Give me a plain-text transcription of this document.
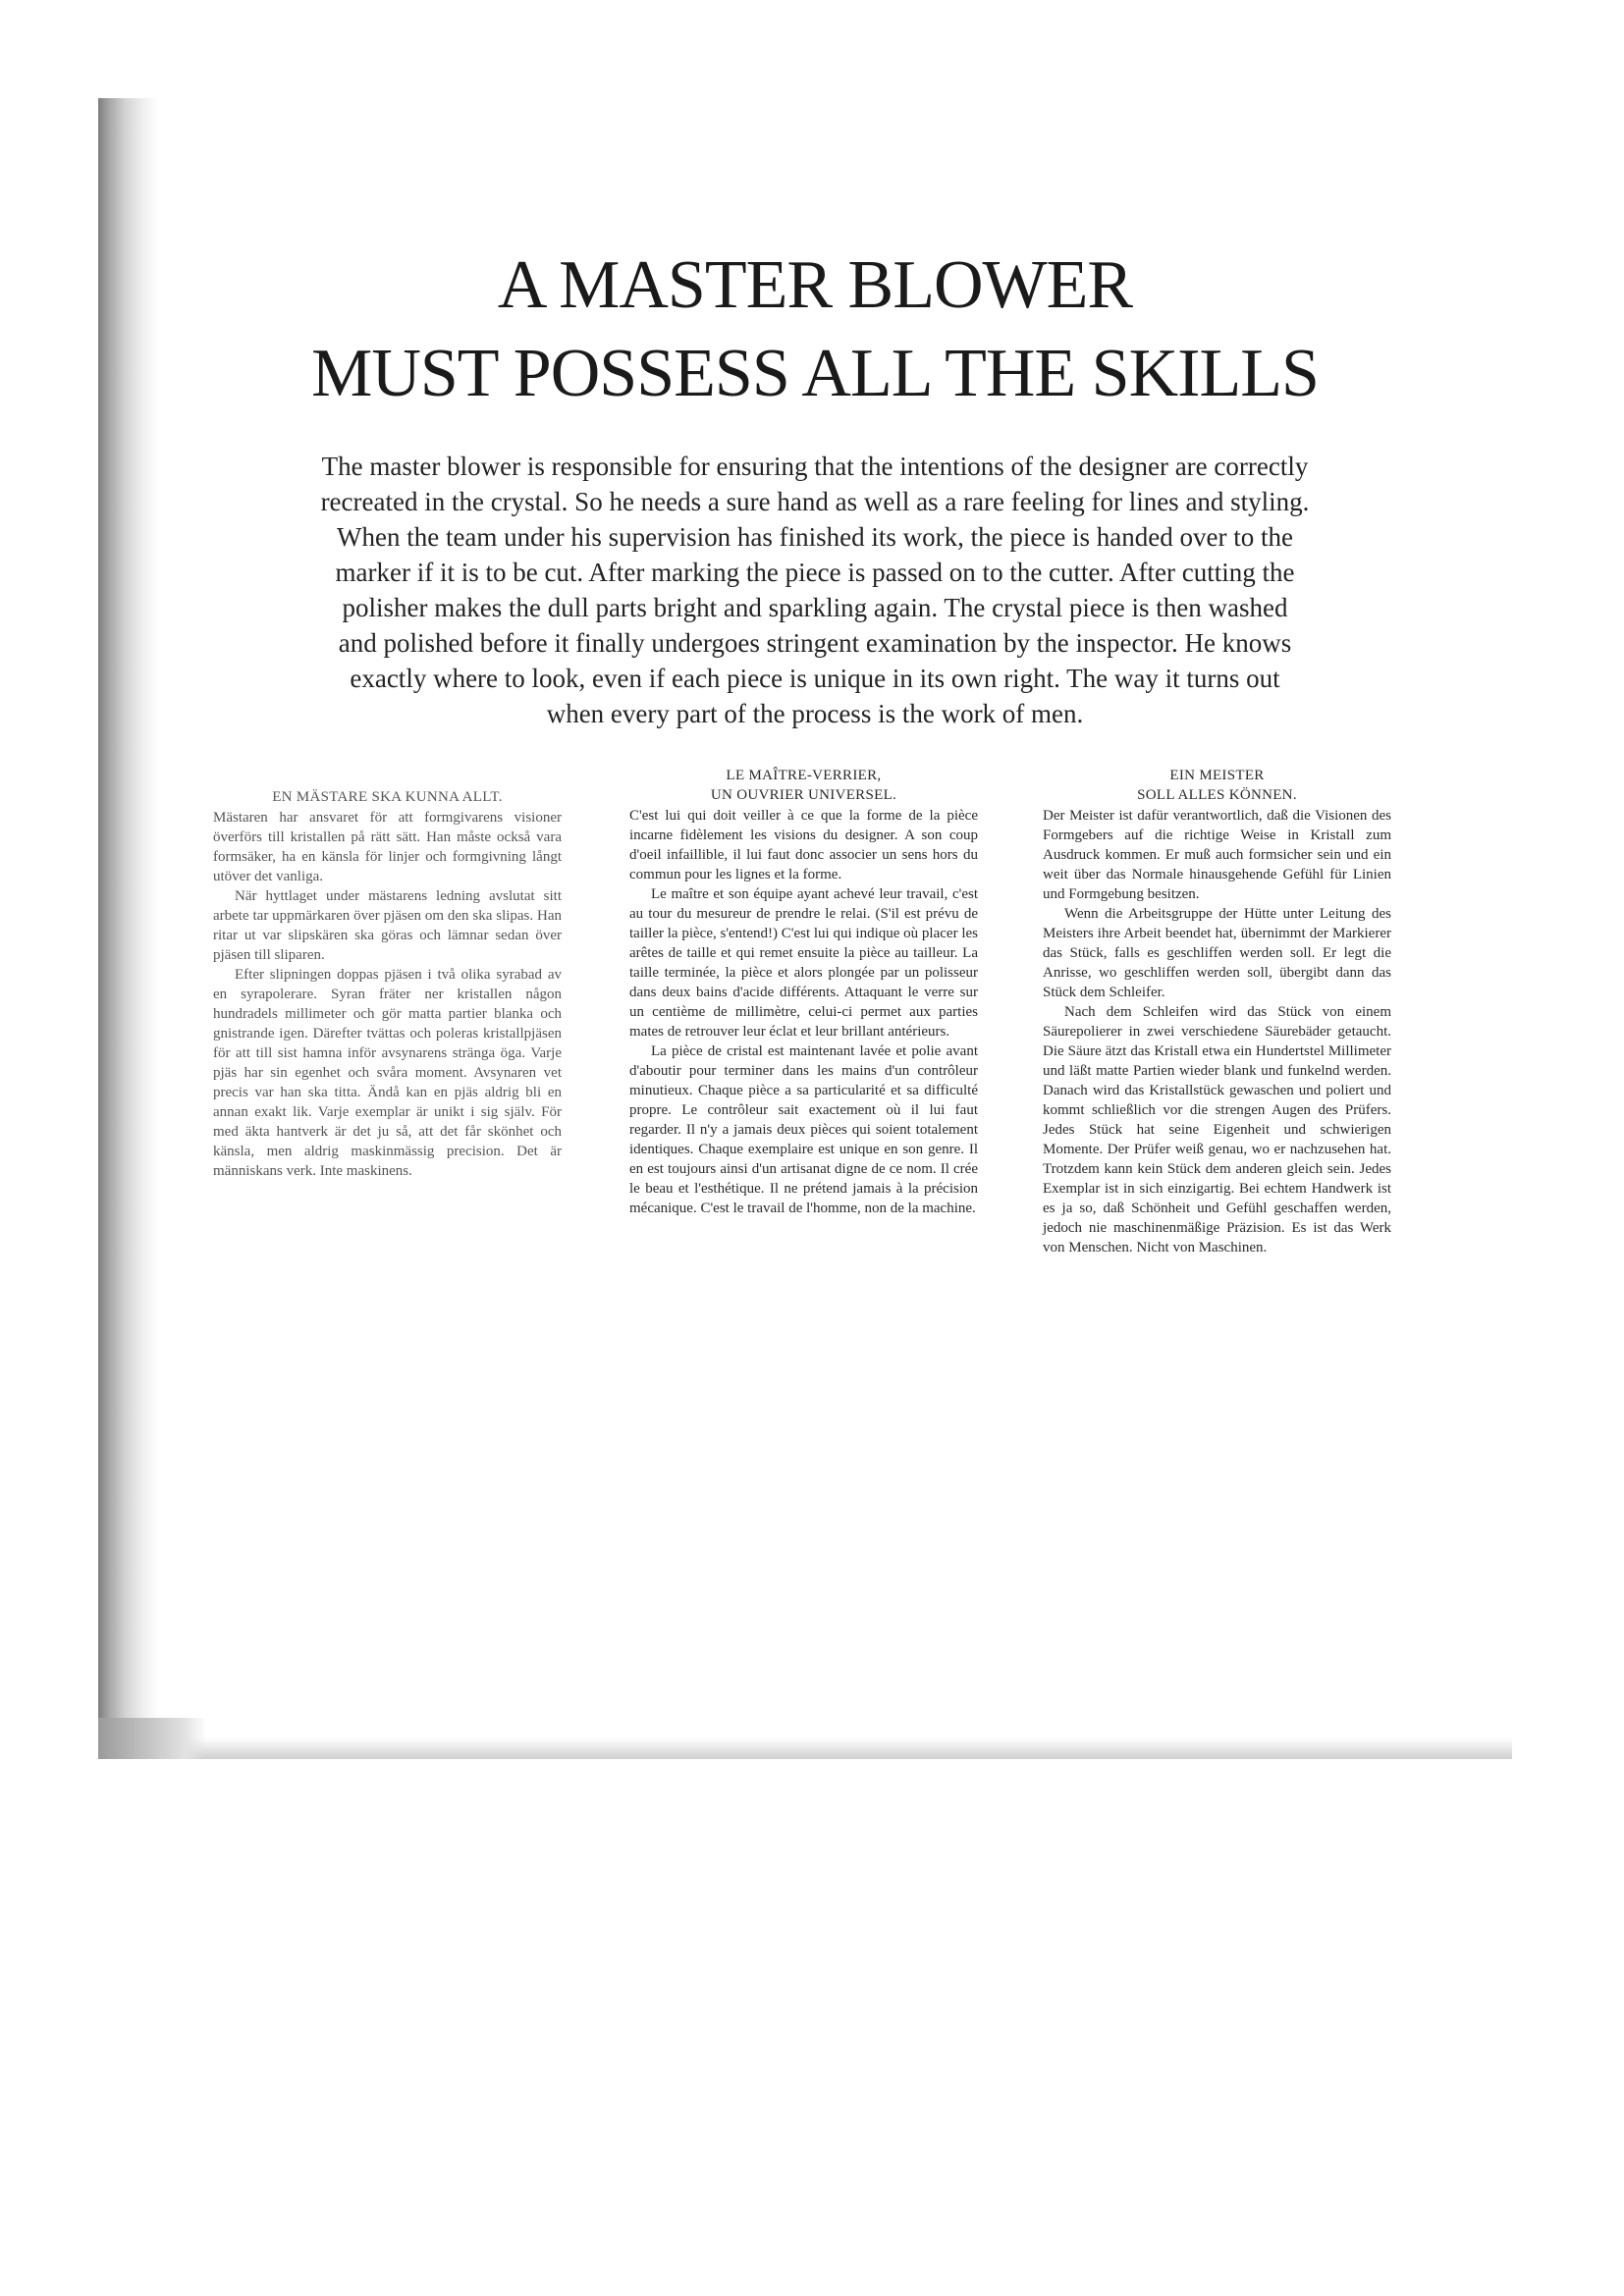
A MASTER BLOWER
MUST POSSESS ALL THE SKILLS
The master blower is responsible for ensuring that the intentions of the designer are correctly
recreated in the crystal. So he needs a sure hand as well as a rare feeling for lines and styling.
When the team under his supervision has finished its work, the piece is handed over to the
marker if it is to be cut. After marking the piece is passed on to the cutter. After cutting the
polisher makes the dull parts bright and sparkling again. The crystal piece is then washed
and polished before it finally undergoes stringent examination by the inspector. He knows
exactly where to look, even if each piece is unique in its own right. The way it turns out
when every part of the process is the work of men.
EN MÄSTARE SKA KUNNA ALLT.

Mästaren har ansvaret för att formgivarens visioner överförs till kristallen på rätt sätt. Han måste också vara formsäker, ha en känsla för linjer och formgivning långt utöver det vanliga.

När hyttlaget under mästarens ledning avslutat sitt arbete tar uppmärkaren över pjäsen om den ska slipas. Han ritar ut var slipskären ska göras och lämnar sedan över pjäsen till sliparen.

Efter slipningen doppas pjäsen i två olika syrabad av en syrapolerare. Syran fräter ner kristallen någon hundradels millimeter och gör matta partier blanka och gnistrande igen. Därefter tvättas och poleras kristallpjäsen för att till sist hamna inför avsynarens stränga öga. Varje pjäs har sin egenhet och svåra moment. Avsynaren vet precis var han ska titta. Ändå kan en pjäs aldrig bli en annan exakt lik. Varje exemplar är unikt i sig själv. För med äkta hantverk är det ju så, att det får skönhet och känsla, men aldrig maskinmässig precision. Det är människans verk. Inte maskinens.

LE MAÎTRE-VERRIER,
UN OUVRIER UNIVERSEL.

C'est lui qui doit veiller à ce que la forme de la pièce incarne fidèlement les visions du designer. A son coup d'oeil infaillible, il lui faut donc associer un sens hors du commun pour les lignes et la forme.

Le maître et son équipe ayant achevé leur travail, c'est au tour du mesureur de prendre le relai. (S'il est prévu de tailler la pièce, s'entend!) C'est lui qui indique où placer les arêtes de taille et qui remet ensuite la pièce au tailleur. La taille terminée, la pièce et alors plongée par un polisseur dans deux bains d'acide différents. Attaquant le verre sur un centième de millimètre, celui-ci permet aux parties mates de retrouver leur éclat et leur brillant antérieurs.

La pièce de cristal est maintenant lavée et polie avant d'aboutir pour terminer dans les mains d'un contrôleur minutieux. Chaque pièce a sa particularité et sa difficulté propre. Le contrôleur sait exactement où il lui faut regarder. Il n'y a jamais deux pièces qui soient totalement identiques. Chaque exemplaire est unique en son genre. Il en est toujours ainsi d'un artisanat digne de ce nom. Il crée le beau et l'esthétique. Il ne prétend jamais à la précision mécanique. C'est le travail de l'homme, non de la machine.

EIN MEISTER
SOLL ALLES KÖNNEN.

Der Meister ist dafür verantwortlich, daß die Visionen des Formgebers auf die richtige Weise in Kristall zum Ausdruck kommen. Er muß auch formsicher sein und ein weit über das Normale hinausgehende Gefühl für Linien und Formgebung besitzen.

Wenn die Arbeitsgruppe der Hütte unter Leitung des Meisters ihre Arbeit beendet hat, übernimmt der Markierer das Stück, falls es geschliffen werden soll. Er legt die Anrisse, wo geschliffen werden soll, übergibt dann das Stück dem Schleifer.

Nach dem Schleifen wird das Stück von einem Säurepolierer in zwei verschiedene Säurebäder getaucht. Die Säure ätzt das Kristall etwa ein Hundertstel Millimeter und läßt matte Partien wieder blank und funkelnd werden. Danach wird das Kristallstück gewaschen und poliert und kommt schließlich vor die strengen Augen des Prüfers. Jedes Stück hat seine Eigenheit und schwierigen Momente. Der Prüfer weiß genau, wo er nachzusehen hat. Trotzdem kann kein Stück dem anderen gleich sein. Jedes Exemplar ist in sich einzigartig. Bei echtem Handwerk ist es ja so, daß Schönheit und Gefühl geschaffen werden, jedoch nie maschinenmäßige Präzision. Es ist das Werk von Menschen. Nicht von Maschinen.
